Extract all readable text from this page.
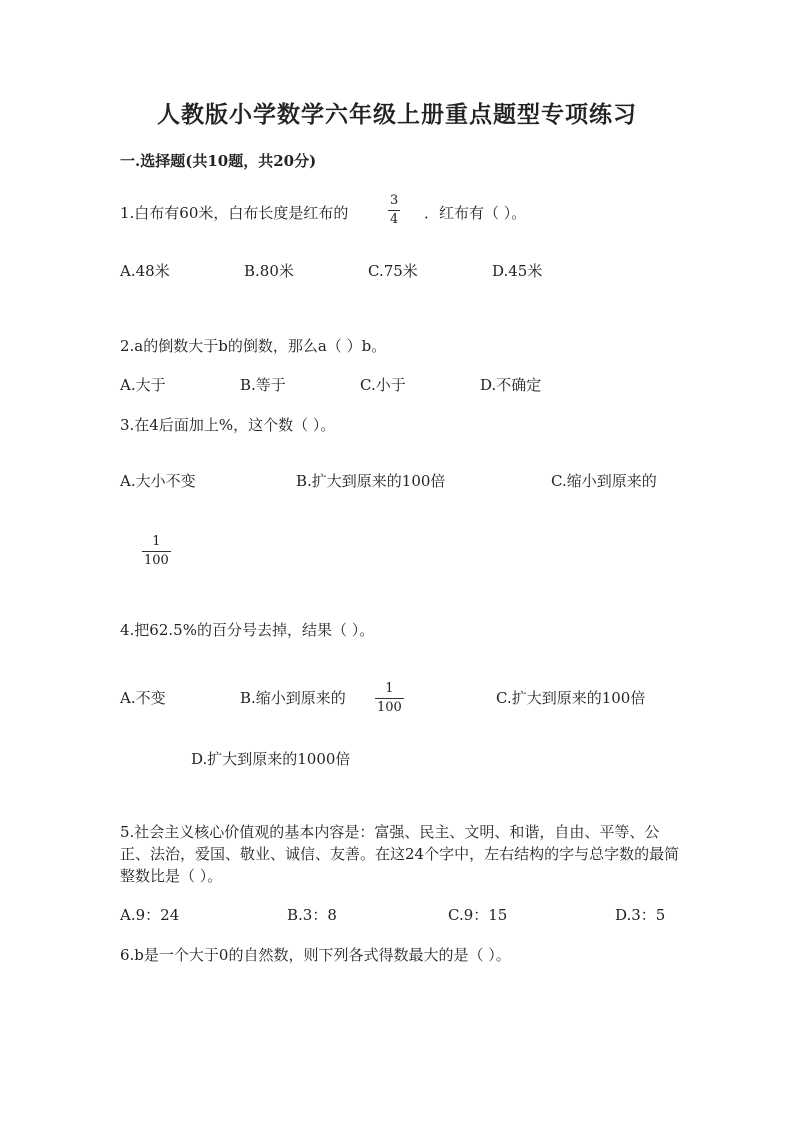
人教版小学数学六年级上册重点题型专项练习
一.选择题(共10题，共20分)
1.白布有60米，白布长度是红布的
3
4 ．红布有（ ）。
A.48米	B.80米	C.75米	D.45米
2.a的倒数大于b的倒数，那么a（ ）b。
A.大于	B.等于	C.小于	D.不确定
3.在4后面加上%，这个数（ ）。
A.大小不变	B.扩大到原来的100倍	C.缩小到原来的
1
100
4.把62.5%的百分号去掉，结果（ ）。
A.不变	B.缩小到原来的
1
100
C.扩大到原来的100倍
D.扩大到原来的1000倍
5.社会主义核心价值观的基本内容是：富强、民主、文明、和谐，自由、平等、公正、法治，爱国、敬业、诚信、友善。在这24个字中，左右结构的字与总字数的最简整数比是（ ）。
A.9：24	B.3：8	C.9：15	D.3：5
6.b是一个大于0的自然数，则下列各式得数最大的是（ ）。
